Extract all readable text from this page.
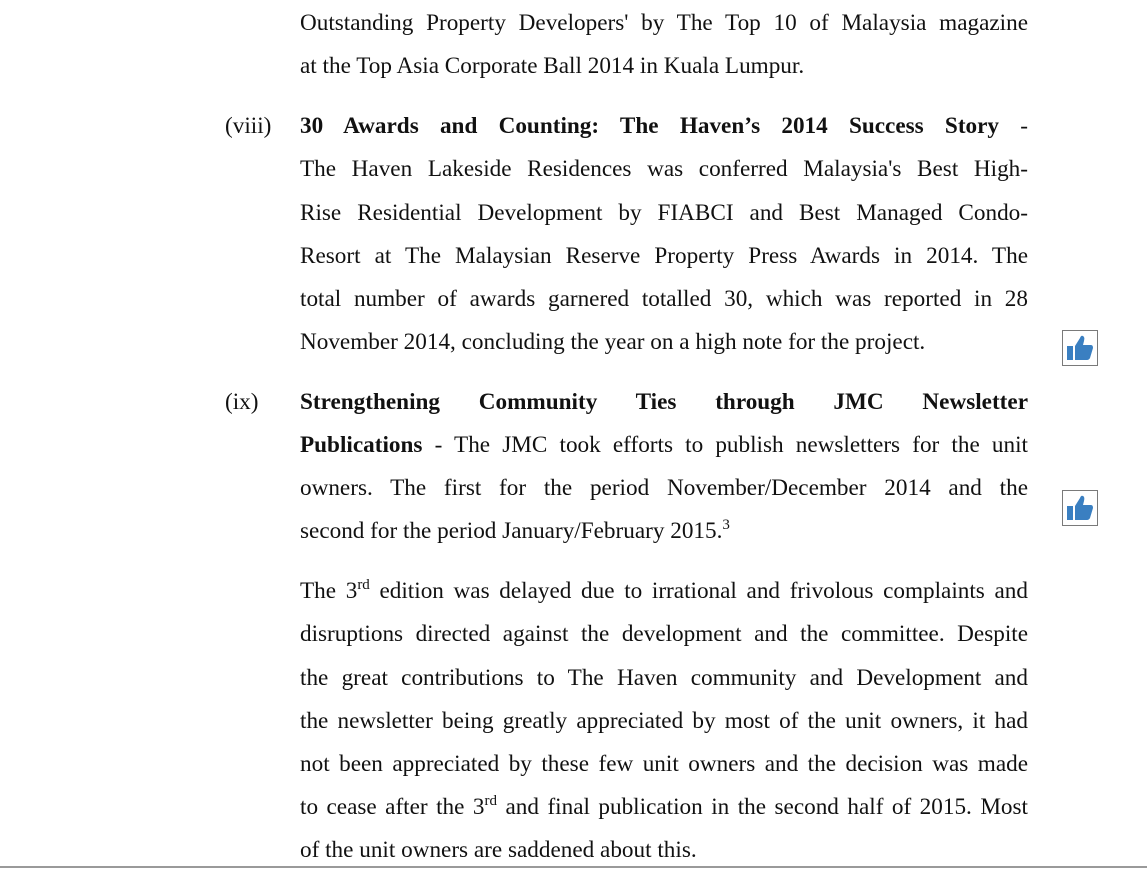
Outstanding Property Developers' by The Top 10 of Malaysia magazine
at the Top Asia Corporate Ball 2014 in Kuala Lumpur.
(viii) 30 Awards and Counting: The Haven’s 2014 Success Story -
The Haven Lakeside Residences was conferred Malaysia's Best High-
Rise Residential Development by FIABCI and Best Managed Condo-
Resort at The Malaysian Reserve Property Press Awards in 2014. The
total number of awards garnered totalled 30, which was reported in 28
November 2014, concluding the year on a high note for the project.
(ix) Strengthening Community Ties through JMC Newsletter
Publications - The JMC took efforts to publish newsletters for the unit
owners. The first for the period November/December 2014 and the
second for the period January/February 2015.$^3$
The 3rd edition was delayed due to irrational and frivolous complaints and
disruptions directed against the development and the committee. Despite
the great contributions to The Haven community and Development and
the newsletter being greatly appreciated by most of the unit owners, it had
not been appreciated by these few unit owners and the decision was made
to cease after the 3rd and final publication in the second half of 2015. Most
of the unit owners are saddened about this.
